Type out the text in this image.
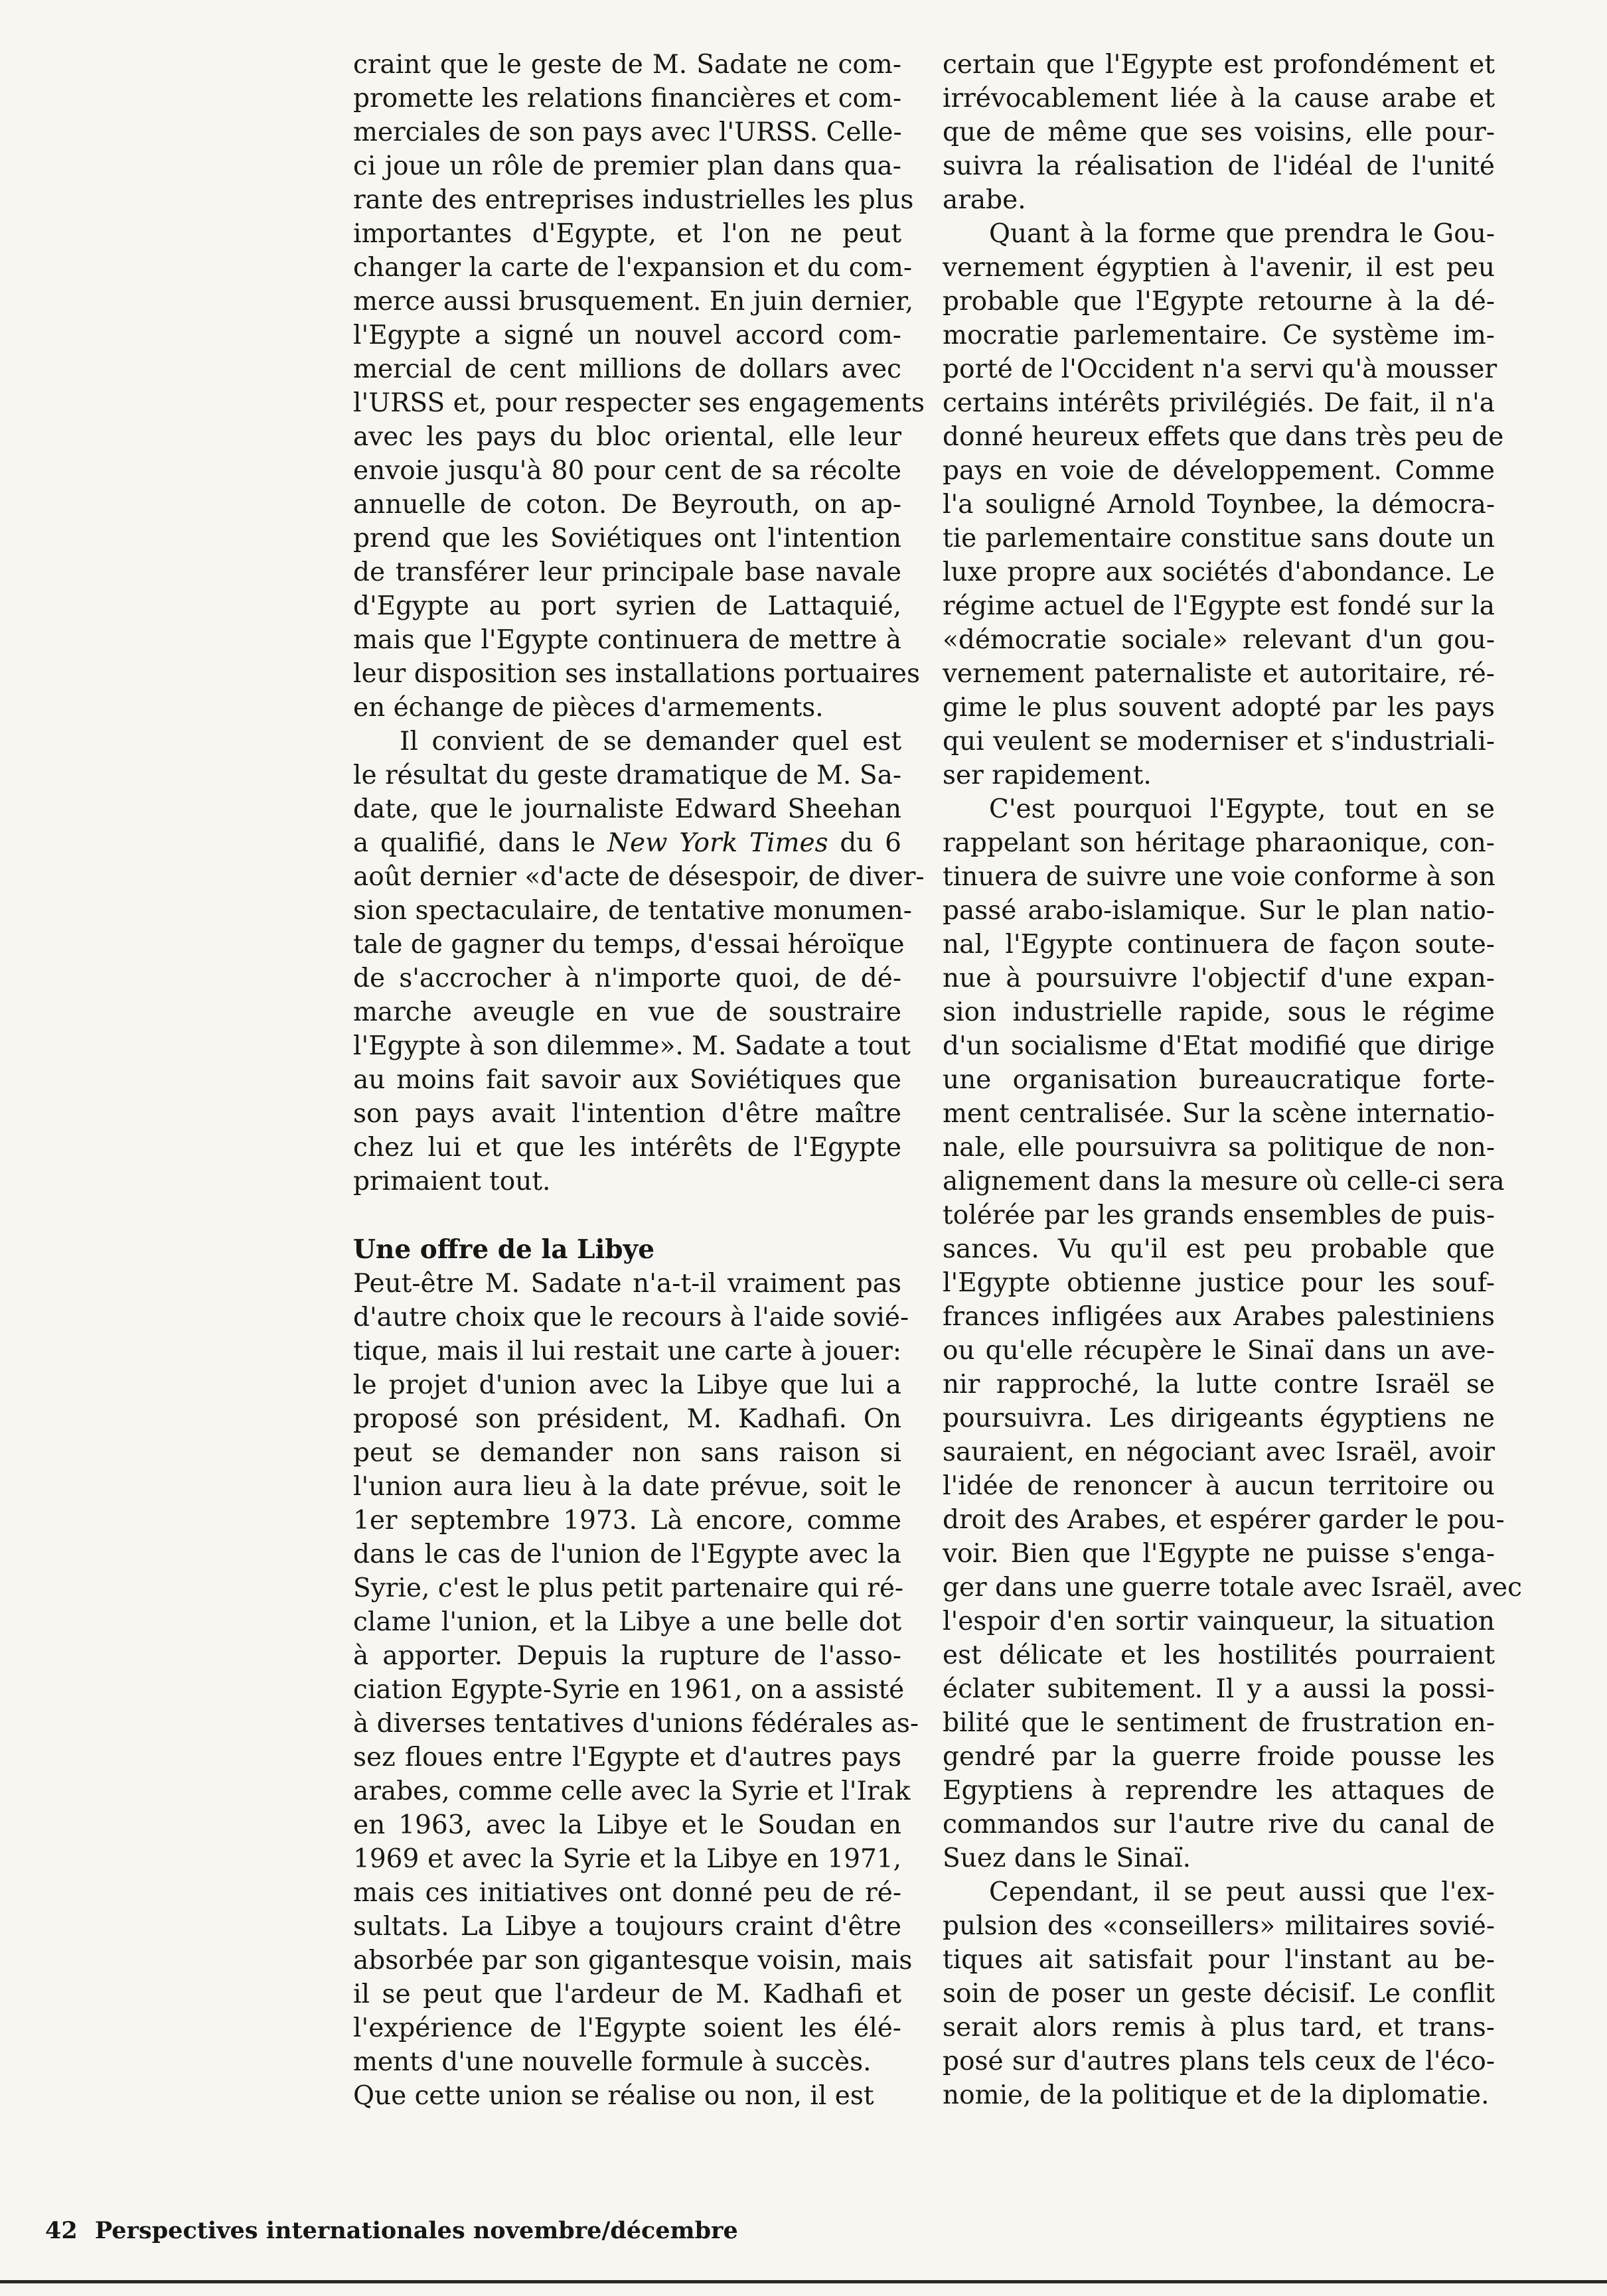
craint que le geste de M. Sadate ne com-
promette les relations financières et com-
merciales de son pays avec l'URSS. Celle-
ci joue un rôle de premier plan dans qua-
rante des entreprises industrielles les plus
importantes d'Egypte, et l'on ne peut
changer la carte de l'expansion et du com-
merce aussi brusquement. En juin dernier,
l'Egypte a signé un nouvel accord com-
mercial de cent millions de dollars avec
l'URSS et, pour respecter ses engagements
avec les pays du bloc oriental, elle leur
envoie jusqu'à 80 pour cent de sa récolte
annuelle de coton. De Beyrouth, on ap-
prend que les Soviétiques ont l'intention
de transférer leur principale base navale
d'Egypte au port syrien de Lattaquié,
mais que l'Egypte continuera de mettre à
leur disposition ses installations portuaires
en échange de pièces d'armements.
Il convient de se demander quel est
le résultat du geste dramatique de M. Sa-
date, que le journaliste Edward Sheehan
a qualifié, dans le New York Times du 6
août dernier «d'acte de désespoir, de diver-
sion spectaculaire, de tentative monumen-
tale de gagner du temps, d'essai héroïque
de s'accrocher à n'importe quoi, de dé-
marche aveugle en vue de soustraire
l'Egypte à son dilemme». M. Sadate a tout
au moins fait savoir aux Soviétiques que
son pays avait l'intention d'être maître
chez lui et que les intérêts de l'Egypte
primaient tout.
Une offre de la Libye
Peut-être M. Sadate n'a-t-il vraiment pas
d'autre choix que le recours à l'aide sovié-
tique, mais il lui restait une carte à jouer:
le projet d'union avec la Libye que lui a
proposé son président, M. Kadhafi. On
peut se demander non sans raison si
l'union aura lieu à la date prévue, soit le
1er septembre 1973. Là encore, comme
dans le cas de l'union de l'Egypte avec la
Syrie, c'est le plus petit partenaire qui ré-
clame l'union, et la Libye a une belle dot
à apporter. Depuis la rupture de l'asso-
ciation Egypte-Syrie en 1961, on a assisté
à diverses tentatives d'unions fédérales as-
sez floues entre l'Egypte et d'autres pays
arabes, comme celle avec la Syrie et l'Irak
en 1963, avec la Libye et le Soudan en
1969 et avec la Syrie et la Libye en 1971,
mais ces initiatives ont donné peu de ré-
sultats. La Libye a toujours craint d'être
absorbée par son gigantesque voisin, mais
il se peut que l'ardeur de M. Kadhafi et
l'expérience de l'Egypte soient les élé-
ments d'une nouvelle formule à succès.
Que cette union se réalise ou non, il est
certain que l'Egypte est profondément et
irrévocablement liée à la cause arabe et
que de même que ses voisins, elle pour-
suivra la réalisation de l'idéal de l'unité
arabe.
Quant à la forme que prendra le Gou-
vernement égyptien à l'avenir, il est peu
probable que l'Egypte retourne à la dé-
mocratie parlementaire. Ce système im-
porté de l'Occident n'a servi qu'à mousser
certains intérêts privilégiés. De fait, il n'a
donné heureux effets que dans très peu de
pays en voie de développement. Comme
l'a souligné Arnold Toynbee, la démocra-
tie parlementaire constitue sans doute un
luxe propre aux sociétés d'abondance. Le
régime actuel de l'Egypte est fondé sur la
«démocratie sociale» relevant d'un gou-
vernement paternaliste et autoritaire, ré-
gime le plus souvent adopté par les pays
qui veulent se moderniser et s'industriali-
ser rapidement.
C'est pourquoi l'Egypte, tout en se
rappelant son héritage pharaonique, con-
tinuera de suivre une voie conforme à son
passé arabo-islamique. Sur le plan natio-
nal, l'Egypte continuera de façon soute-
nue à poursuivre l'objectif d'une expan-
sion industrielle rapide, sous le régime
d'un socialisme d'Etat modifié que dirige
une organisation bureaucratique forte-
ment centralisée. Sur la scène internatio-
nale, elle poursuivra sa politique de non-
alignement dans la mesure où celle-ci sera
tolérée par les grands ensembles de puis-
sances. Vu qu'il est peu probable que
l'Egypte obtienne justice pour les souf-
frances infligées aux Arabes palestiniens
ou qu'elle récupère le Sinaï dans un ave-
nir rapproché, la lutte contre Israël se
poursuivra. Les dirigeants égyptiens ne
sauraient, en négociant avec Israël, avoir
l'idée de renoncer à aucun territoire ou
droit des Arabes, et espérer garder le pou-
voir. Bien que l'Egypte ne puisse s'enga-
ger dans une guerre totale avec Israël, avec
l'espoir d'en sortir vainqueur, la situation
est délicate et les hostilités pourraient
éclater subitement. Il y a aussi la possi-
bilité que le sentiment de frustration en-
gendré par la guerre froide pousse les
Egyptiens à reprendre les attaques de
commandos sur l'autre rive du canal de
Suez dans le Sinaï.
Cependant, il se peut aussi que l'ex-
pulsion des «conseillers» militaires sovié-
tiques ait satisfait pour l'instant au be-
soin de poser un geste décisif. Le conflit
serait alors remis à plus tard, et trans-
posé sur d'autres plans tels ceux de l'éco-
nomie, de la politique et de la diplomatie.
42 Perspectives internationales novembre/décembre
